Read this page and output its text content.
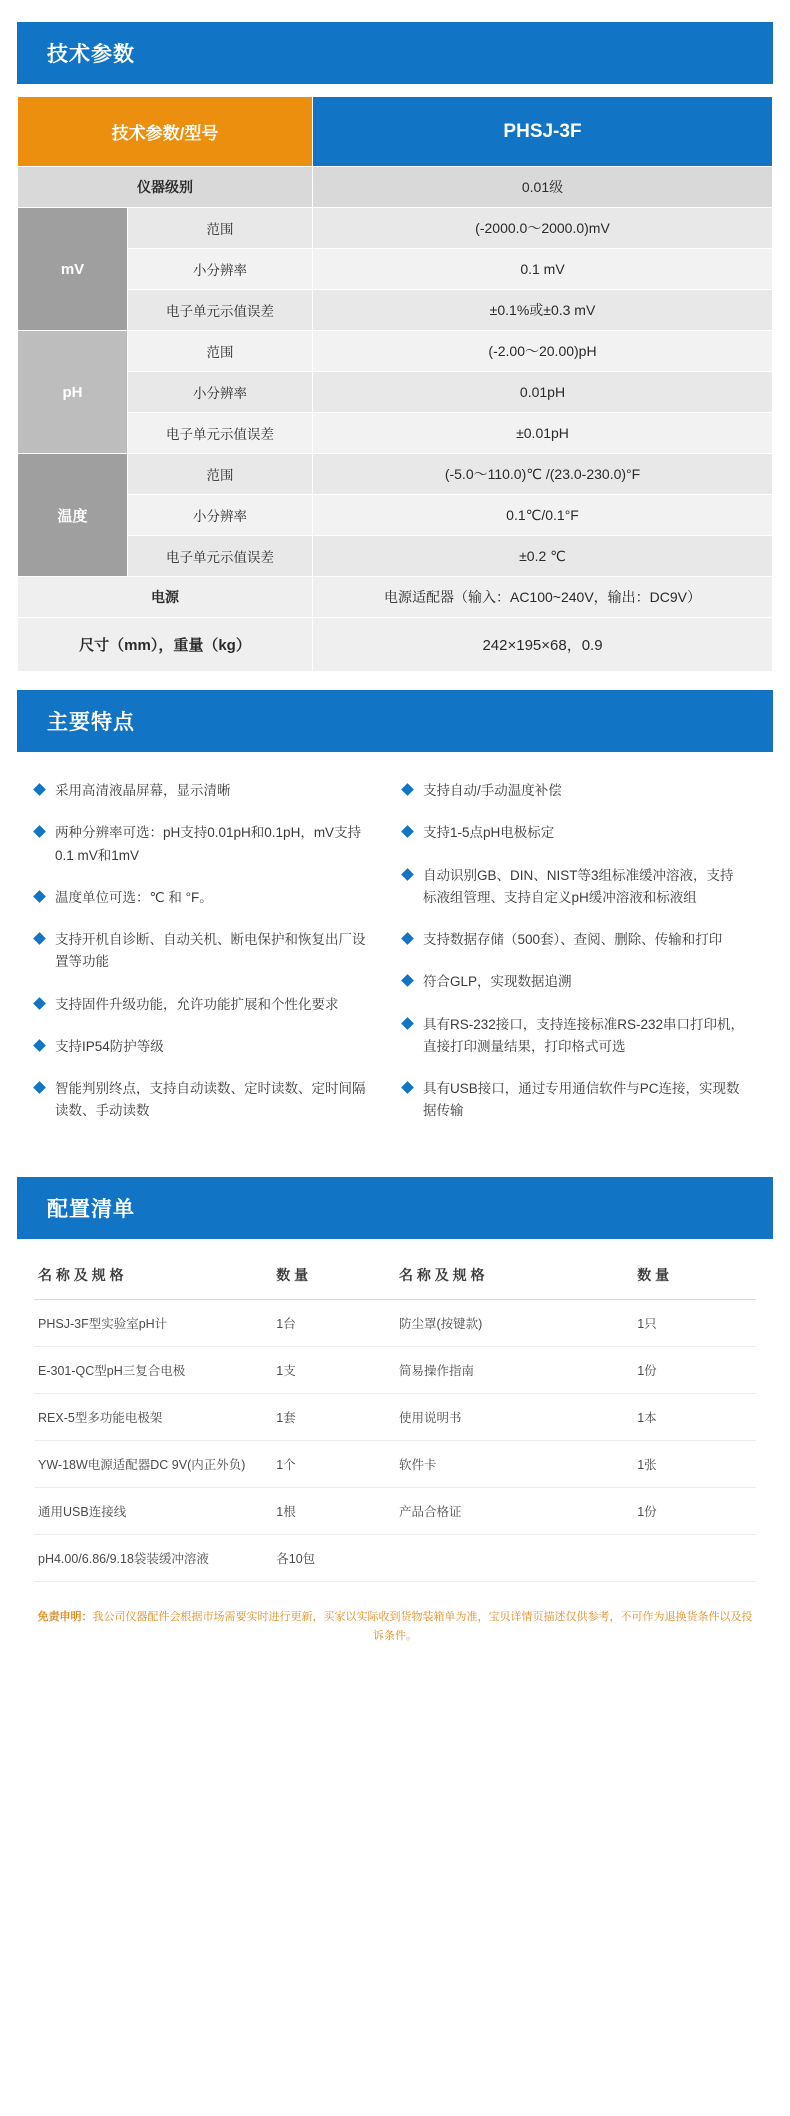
技术参数
技术参数/型号		PHSJ-3F
仪器级别		0.01级
mV	范围	(-2000.0～2000.0)mV
	小分辨率	0.1 mV
	电子单元示值误差	±0.1%或±0.3 mV
pH	范围	(-2.00～20.00)pH
	小分辨率	0.01pH
	电子单元示值误差	±0.01pH
温度	范围	(-5.0～110.0)℃ /(23.0-230.0)°F
	小分辨率	0.1℃/0.1°F
	电子单元示值误差	±0.2 ℃
电源		电源适配器（输入：AC100~240V，输出：DC9V）
尺寸（mm），重量（kg）		242×195×68，0.9
主要特点
采用高清液晶屏幕，显示清晰
两种分辨率可选：pH支持0.01pH和0.1pH，mV支持0.1 mV和1mV
温度单位可选：℃ 和 °F。
支持开机自诊断、自动关机、断电保护和恢复出厂设置等功能
支持固件升级功能，允许功能扩展和个性化要求
支持IP54防护等级
智能判别终点，支持自动读数、定时读数、定时间隔读数、手动读数
支持自动/手动温度补偿
支持1-5点pH电极标定
自动识别GB、DIN、NIST等3组标准缓冲溶液，支持标液组管理、支持自定义pH缓冲溶液和标液组
支持数据存储（500套）、查阅、删除、传输和打印
符合GLP，实现数据追溯
具有RS-232接口，支持连接标准RS-232串口打印机，直接打印测量结果，打印格式可选
具有USB接口，通过专用通信软件与PC连接，实现数据传输
配置清单
名 称 及 规 格	数 量	名 称 及 规 格	数 量
PHSJ-3F型实验室pH计	1台	防尘罩(按键款)	1只
E-301-QC型pH三复合电极	1支	简易操作指南	1份
REX-5型多功能电极架	1套	使用说明书	1本
YW-18W电源适配器DC 9V(内正外负)	1个	软件卡	1张
通用USB连接线	1根	产品合格证	1份
pH4.00/6.86/9.18袋装缓冲溶液	各10包		
免责申明：我公司仪器配件会根据市场需要实时进行更新，买家以实际收到货物装箱单为准，宝贝详情页描述仅供参考，不可作为退换货条件以及投诉条件。
